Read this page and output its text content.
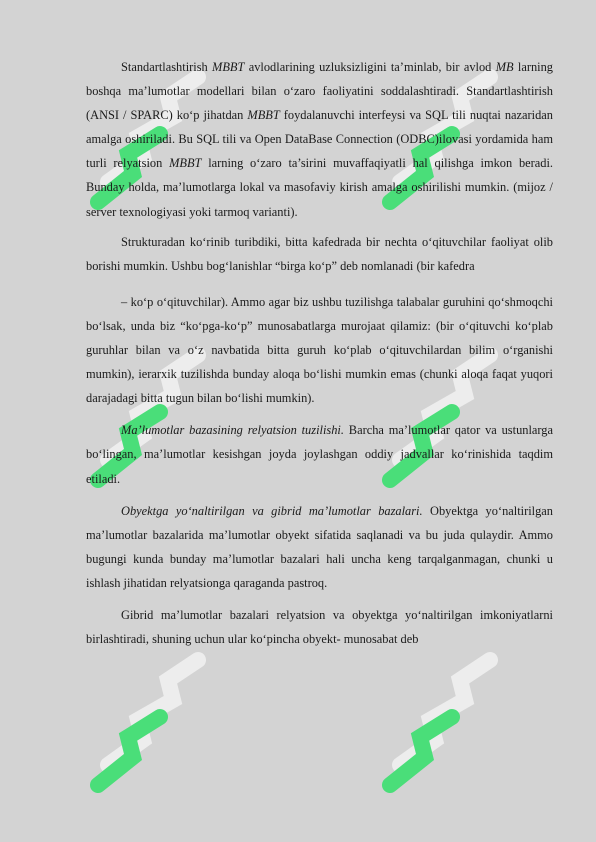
Standartlashtirish MBBT avlodlarining uzluksizligini ta’minlab, bir avlod MB larning boshqa ma’lumotlar modellari bilan o‘zaro faoliyatini soddalashtiradi. Standartlashtirish (ANSI / SPARC) ko‘p jihatdan MBBT foydalanuvchi interfeysi va SQL tili nuqtai nazaridan amalga oshiriladi. Bu SQL tili va Open DataBase Connection (ODBC)ilovasi yordamida ham turli relyatsion MBBT larning o‘zaro ta’sirini muvaffaqiyatli hal qilishga imkon beradi. Bunday holda, ma’lumotlarga lokal va masofaviy kirish amalga oshirilishi mumkin. (mijoz / server texnologiyasi yoki tarmoq varianti).

Strukturadan ko‘rinib turibdiki, bitta kafedrada bir nechta o‘qituvchilar faoliyat olib borishi mumkin. Ushbu bog‘lanishlar “birga ko‘p” deb nomlanadi (bir kafedra

– ko‘p o‘qituvchilar). Ammo agar biz ushbu tuzilishga talabalar guruhini qo‘shmoqchi bo‘lsak, unda biz “ko‘pga-ko‘p” munosabatlarga murojaat qilamiz: (bir o‘qituvchi ko‘plab guruhlar bilan va o‘z navbatida bitta guruh ko‘plab o‘qituvchilardan bilim o‘rganishi mumkin), ierarxik tuzilishda bunday aloqa bo‘lishi mumkin emas (chunki aloqa faqat yuqori darajadagi bitta tugun bilan bo‘lishi mumkin).

Ma’lumotlar bazasining relyatsion tuzilishi. Barcha ma’lumotlar qator va ustunlarga bo‘lingan, ma’lumotlar kesishgan joyda joylashgan oddiy jadvallar ko‘rinishida taqdim etiladi.

Obyektga yo‘naltirilgan va gibrid ma’lumotlar bazalari. Obyektga yo‘naltirilgan ma’lumotlar bazalarida ma’lumotlar obyekt sifatida saqlanadi va bu juda qulaydir. Ammo bugungi kunda bunday ma’lumotlar bazalari hali uncha keng tarqalganmagan, chunki u ishlash jihatidan relyatsionga qaraganda pastroq.

Gibrid ma’lumotlar bazalari relyatsion va obyektga yo‘naltirilgan imkoniyatlarni birlashtiradi, shuning uchun ular ko‘pincha obyekt- munosabat deb
